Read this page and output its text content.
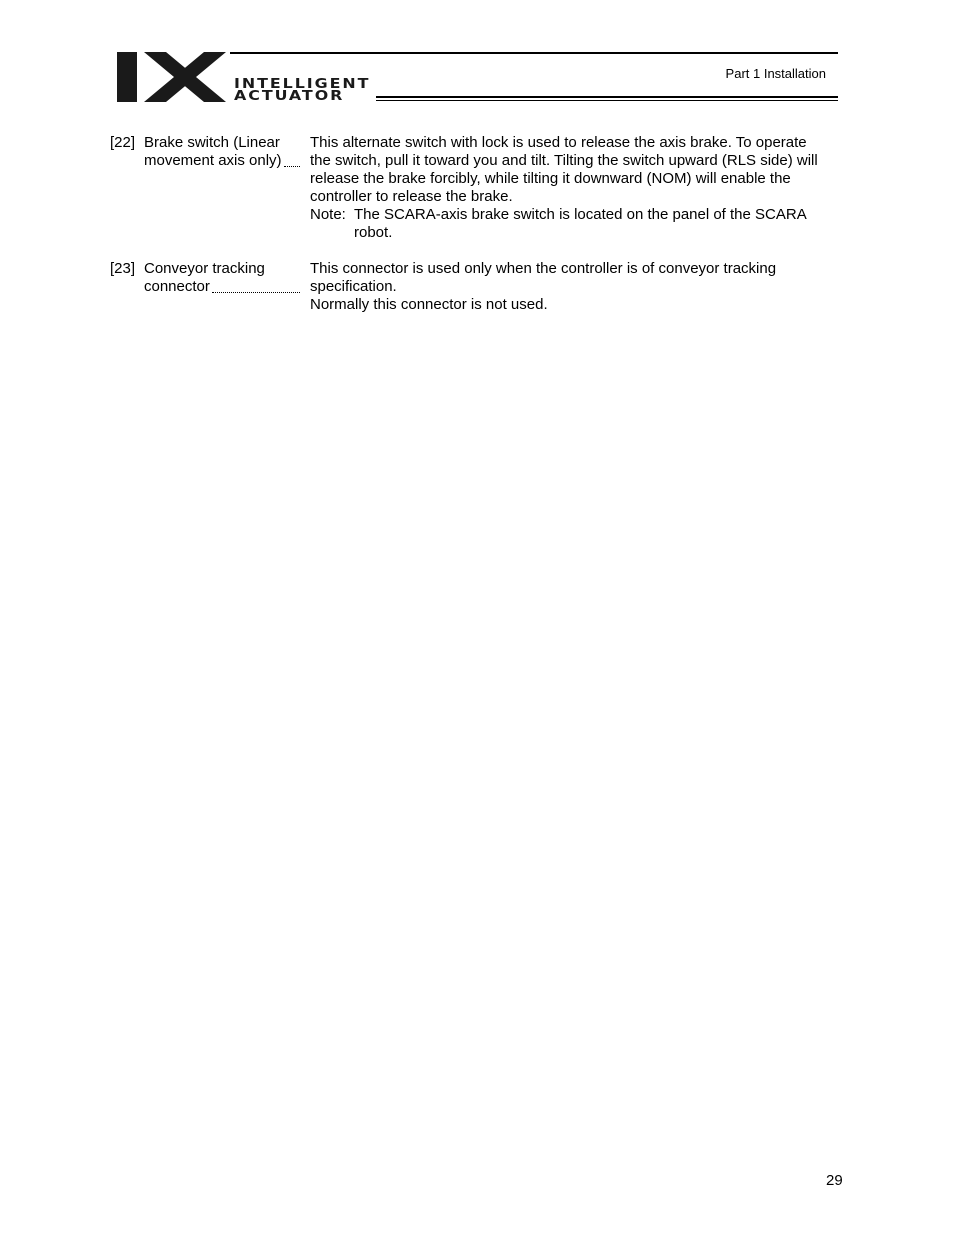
INTELLIGENT
ACTUATOR
Part 1 Installation
[22] Brake switch (Linear
movement axis only)
This alternate switch with lock is used to release the axis brake. To operate
the switch, pull it toward you and tilt. Tilting the switch upward (RLS side) will
release the brake forcibly, while tilting it downward (NOM) will enable the
controller to release the brake.
Note: The SCARA-axis brake switch is located on the panel of the SCARA
robot.
[23] Conveyor tracking
connector
This connector is used only when the controller is of conveyor tracking
specification.
Normally this connector is not used.
29
